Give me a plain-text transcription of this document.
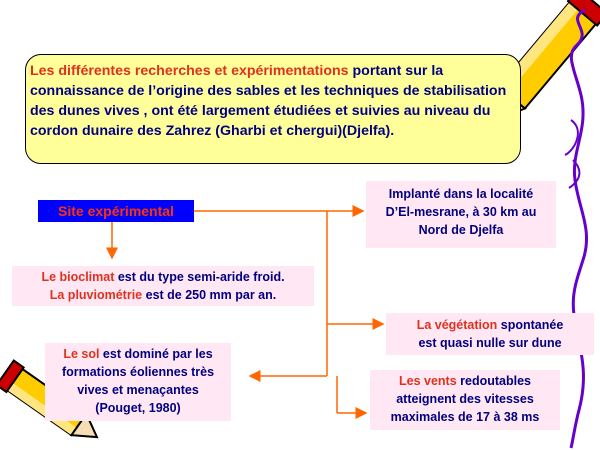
Les différentes recherches et expérimentations portant sur la connaissance de l’origine des sables et les techniques de stabilisation des dunes vives , ont été largement étudiées et suivies au niveau du cordon dunaire des Zahrez (Gharbi et chergui)(Djelfa).
Site expérimental
Implanté dans la localité
D’El-mesrane, à 30 km au
Nord de Djelfa
Le bioclimat est du type semi-aride froid.
La pluviométrie est de 250 mm par an.
La végétation spontanée
est quasi nulle sur dune
Le sol est dominé par les
formations éoliennes très
vives et menaçantes
(Pouget, 1980)
Les vents redoutables
atteignent des vitesses
maximales de 17 à 38 ms
